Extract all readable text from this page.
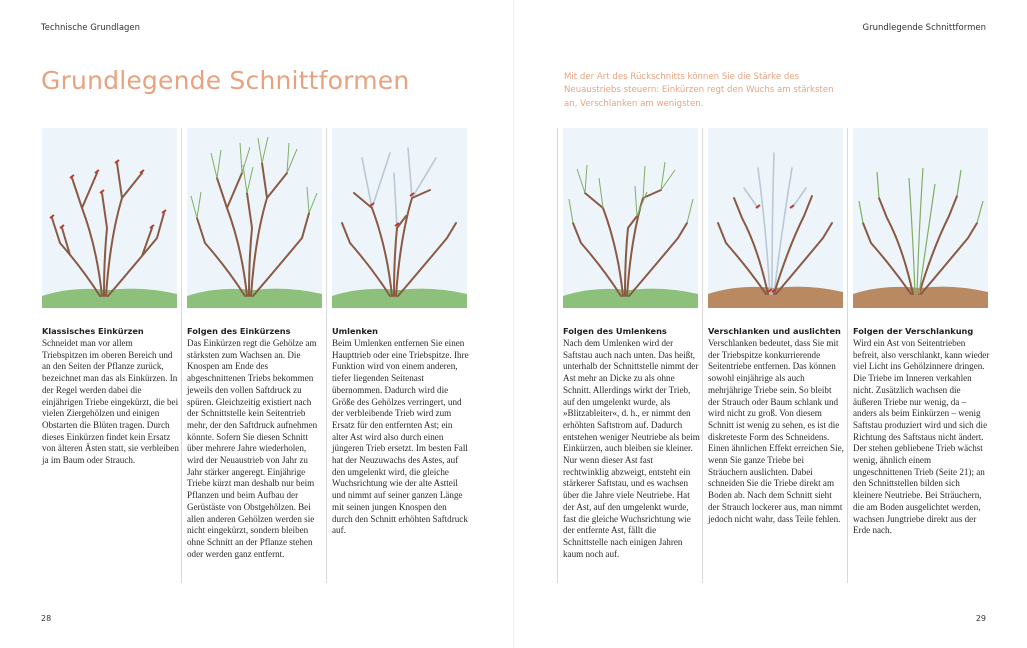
Technische Grundlagen	Grundlegende Schnittformen
Grundlegende Schnittformen	Mit der Art des Rückschnitts können Sie die Stärke des Neuaustriebs steuern: Einkürzen regt den Wuchs am stärksten an, Verschlanken am wenigsten.
Klassisches Einkürzen

Schneidet man vor allem Triebspitzen im oberen Bereich und an den Seiten der Pflanze zurück, bezeichnet man das als Einkürzen. In der Regel werden dabei die einjährigen Triebe eingekürzt, die bei vielen Ziergehölzen und einigen Obstarten die Blüten tragen. Durch dieses Einkürzen findet kein Ersatz von älteren Ästen statt, sie verbleiben ja im Baum oder Strauch.

Folgen des Einkürzens

Das Einkürzen regt die Gehölze am stärksten zum Wachsen an. Die Knospen am Ende des abgeschnittenen Triebs bekommen jeweils den vollen Saftdruck zu spüren. Gleichzeitig existiert nach der Schnittstelle kein Seitentrieb mehr, der den Saftdruck aufnehmen könnte. Sofern Sie diesen Schnitt über mehrere Jahre wiederholen, wird der Neuaustrieb von Jahr zu Jahr stärker angeregt. Einjährige Triebe kürzt man deshalb nur beim Pflanzen und beim Aufbau der Gerüstäste von Obstgehölzen. Bei allen anderen Gehölzen werden sie nicht eingekürzt, sondern bleiben ohne Schnitt an der Pflanze stehen oder werden ganz entfernt.

Umlenken

Beim Umlenken entfernen Sie einen Haupttrieb oder eine Triebspitze. Ihre Funktion wird von einem anderen, tiefer liegenden Seitenast übernommen. Dadurch wird die Größe des Gehölzes verringert, und der verbleibende Trieb wird zum Ersatz für den entfernten Ast; ein alter Ast wird also durch einen jüngeren Trieb ersetzt. Im besten Fall hat der Neuzuwachs des Astes, auf den umgelenkt wird, die gleiche Wuchsrichtung wie der alte Astteil und nimmt auf seiner ganzen Länge mit seinen jungen Knospen den durch den Schnitt erhöhten Saftdruck auf.

Folgen des Umlenkens

Nach dem Umlenken wird der Saftstau auch nach unten. Das heißt, unterhalb der Schnittstelle nimmt der Ast mehr an Dicke zu als ohne Schnitt. Allerdings wirkt der Trieb, auf den umgelenkt wurde, als »Blitzableiter«, d. h., er nimmt den erhöhten Saftstrom auf. Dadurch entstehen weniger Neutriebe als beim Einkürzen, auch bleiben sie kleiner. Nur wenn dieser Ast fast rechtwinklig abzweigt, entsteht ein stärkerer Saftstau, und es wachsen über die Jahre viele Neutriebe. Hat der Ast, auf den umgelenkt wurde, fast die gleiche Wuchsrichtung wie der entfernte Ast, fällt die Schnittstelle nach einigen Jahren kaum noch auf.

Verschlanken und auslichten

Verschlanken bedeutet, dass Sie mit der Triebspitze konkurrierende Seitentriebe entfernen. Das können sowohl einjährige als auch mehrjährige Triebe sein. So bleibt der Strauch oder Baum schlank und wird nicht zu groß. Von diesem Schnitt ist wenig zu sehen, es ist die diskreteste Form des Schneidens. Einen ähnlichen Effekt erreichen Sie, wenn Sie ganze Triebe bei Sträuchern auslichten. Dabei schneiden Sie die Triebe direkt am Boden ab. Nach dem Schnitt sieht der Strauch lockerer aus, man nimmt jedoch nicht wahr, dass Teile fehlen.

Folgen der Verschlankung

Wird ein Ast von Seitentrieben befreit, also verschlankt, kann wieder viel Licht ins Gehölzinnere dringen. Die Triebe im Inneren verkahlen nicht. Zusätzlich wachsen die äußeren Triebe nur wenig, da – anders als beim Einkürzen – wenig Saftstau produziert wird und sich die Richtung des Saftstaus nicht ändert. Der stehen gebliebene Trieb wächst wenig, ähnlich einem ungeschnittenen Trieb (Seite 21); an den Schnittstellen bilden sich kleinere Neutriebe. Bei Sträuchern, die am Boden ausgelichtet werden, wachsen Jungtriebe direkt aus der Erde nach.

28	29
